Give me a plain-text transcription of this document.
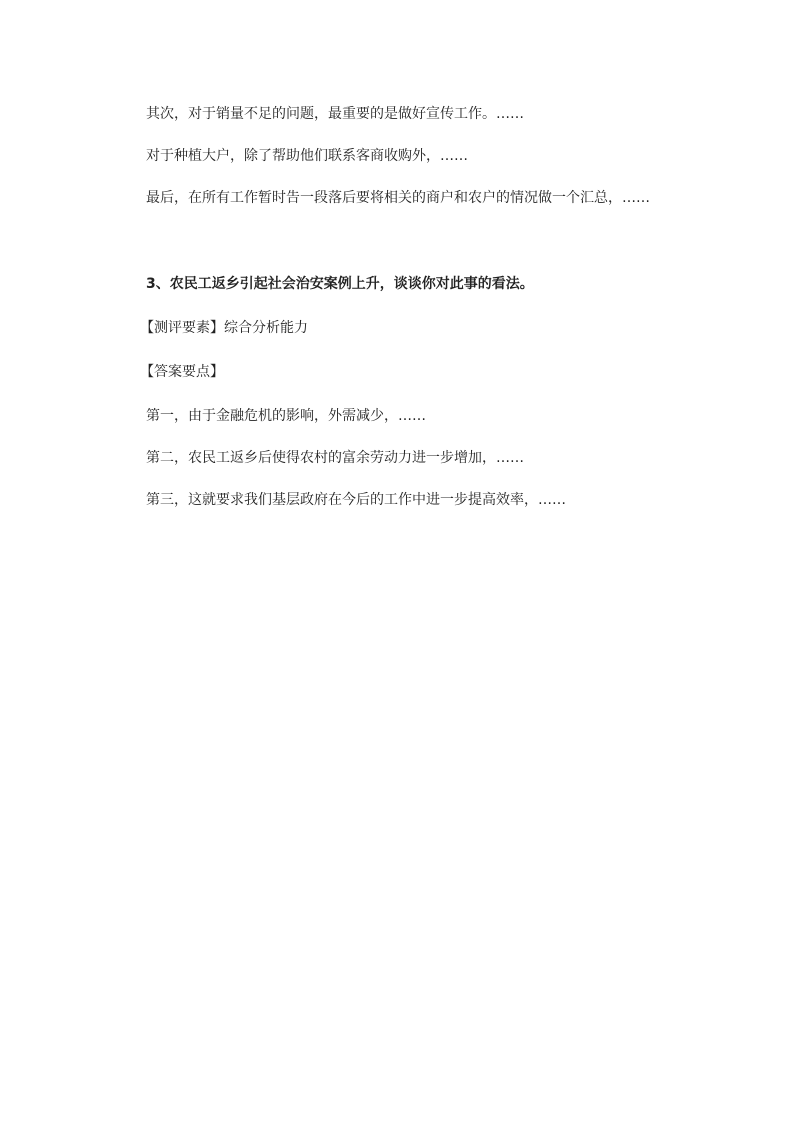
其次，对于销量不足的问题，最重要的是做好宣传工作。……

对于种植大户，除了帮助他们联系客商收购外，……

最后，在所有工作暂时告一段落后要将相关的商户和农户的情况做一个汇总，……

3、农民工返乡引起社会治安案例上升，谈谈你对此事的看法。

【测评要素】综合分析能力

【答案要点】

第一，由于金融危机的影响，外需减少，……

第二，农民工返乡后使得农村的富余劳动力进一步增加，……

第三，这就要求我们基层政府在今后的工作中进一步提高效率，……
